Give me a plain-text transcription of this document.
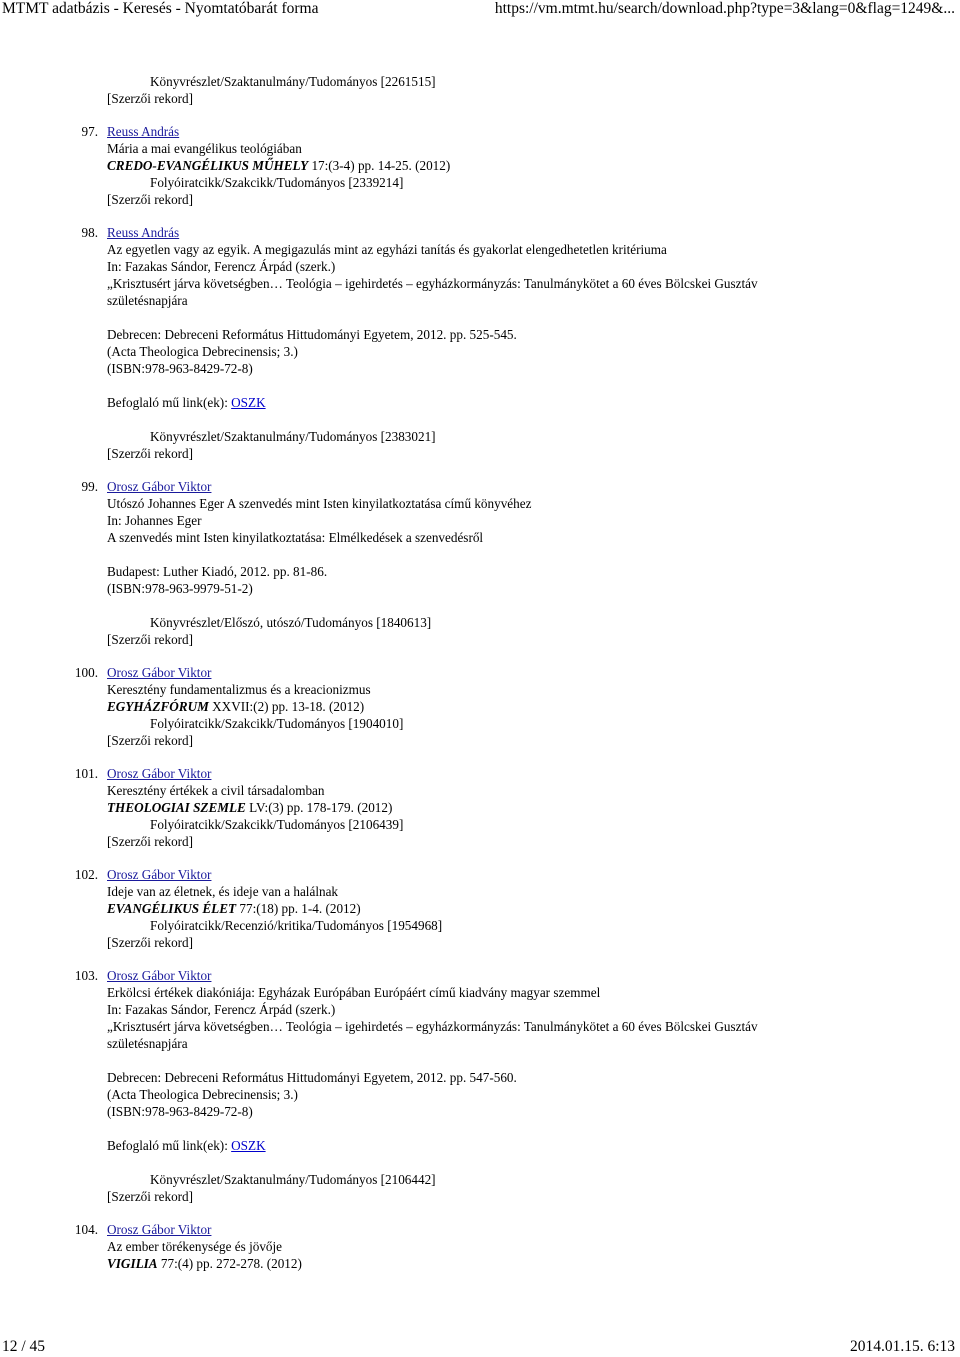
MTMT adatbázis - Keresés - Nyomtatóbarát forma	https://vm.mtmt.hu/search/download.php?type=3&lang=0&flag=1249&...
Könyvrészlet/Szaktanulmány/Tudományos [2261515]
[Szerzői rekord]
97. Reuss András
Mária a mai evangélikus teológiában
CREDO-EVANGÉLIKUS MŰHELY 17:(3-4) pp. 14-25. (2012)
Folyóiratcikk/Szakcikk/Tudományos [2339214]
[Szerzői rekord]
98. Reuss András
Az egyetlen vagy az egyik. A megigazulás mint az egyházi tanítás és gyakorlat elengedhetetlen kritériuma
In: Fazakas Sándor, Ferencz Árpád (szerk.)
„Krisztusért járva követségben… Teológia – igehirdetés – egyházkormányzás: Tanulmánykötet a 60 éves Bölcskei Gusztáv születésnapjára
Debrecen: Debreceni Református Hittudományi Egyetem, 2012. pp. 525-545.
(Acta Theologica Debrecinensis; 3.)
(ISBN:978-963-8429-72-8)
Befoglaló mű link(ek): OSZK
Könyvrészlet/Szaktanulmány/Tudományos [2383021]
[Szerzői rekord]
99. Orosz Gábor Viktor
Utószó Johannes Eger A szenvedés mint Isten kinyilatkoztatása című könyvéhez
In: Johannes Eger
A szenvedés mint Isten kinyilatkoztatása: Elmélkedések a szenvedésről
Budapest: Luther Kiadó, 2012. pp. 81-86.
(ISBN:978-963-9979-51-2)
Könyvrészlet/Előszó, utószó/Tudományos [1840613]
[Szerzői rekord]
100. Orosz Gábor Viktor
Keresztény fundamentalizmus és a kreacionizmus
EGYHÁZFÓRUM XXVII:(2) pp. 13-18. (2012)
Folyóiratcikk/Szakcikk/Tudományos [1904010]
[Szerzői rekord]
101. Orosz Gábor Viktor
Keresztény értékek a civil társadalomban
THEOLOGIAI SZEMLE LV:(3) pp. 178-179. (2012)
Folyóiratcikk/Szakcikk/Tudományos [2106439]
[Szerzői rekord]
102. Orosz Gábor Viktor
Ideje van az életnek, és ideje van a halálnak
EVANGÉLIKUS ÉLET 77:(18) pp. 1-4. (2012)
Folyóiratcikk/Recenzió/kritika/Tudományos [1954968]
[Szerzői rekord]
103. Orosz Gábor Viktor
Erkölcsi értékek diakóniája: Egyházak Európában Európáért című kiadvány magyar szemmel
In: Fazakas Sándor, Ferencz Árpád (szerk.)
„Krisztusért járva követségben… Teológia – igehirdetés – egyházkormányzás: Tanulmánykötet a 60 éves Bölcskei Gusztáv születésnapjára
Debrecen: Debreceni Református Hittudományi Egyetem, 2012. pp. 547-560.
(Acta Theologica Debrecinensis; 3.)
(ISBN:978-963-8429-72-8)
Befoglaló mű link(ek): OSZK
Könyvrészlet/Szaktanulmány/Tudományos [2106442]
[Szerzői rekord]
104. Orosz Gábor Viktor
Az ember törékenysége és jövője
VIGILIA 77:(4) pp. 272-278. (2012)
12 / 45	2014.01.15. 6:13
